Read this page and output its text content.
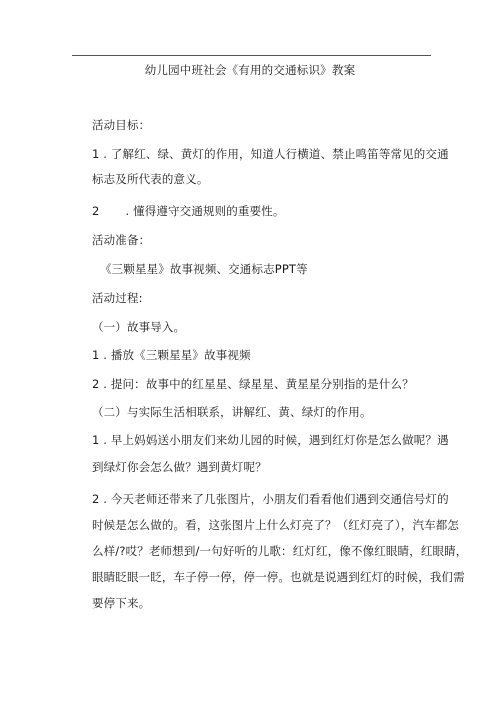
幼儿园中班社会《有用的交通标识》教案
活动目标：
1 . 了解红、绿、黄灯的作用，知道人行横道、禁止鸣笛等常见的交通
标志及所代表的意义。
2 . 懂得遵守交通规则的重要性。
活动准备：
《三颗星星》故事视频、交通标志PPT等
活动过程:
（一）故事导入。
1 . 播放《三颗星星》故事视频
2 . 提问：故事中的红星星、绿星星、黄星星分别指的是什么？
（二）与实际生活相联系，讲解红、黄、绿灯的作用。
1 . 早上妈妈送小朋友们来幼儿园的时候，遇到红灯你是怎么做呢？遇
到绿灯你会怎么做？遇到黄灯呢？
2 . 今天老师还带来了几张图片，小朋友们看看他们遇到交通信号灯的
时候是怎么做的。看，这张图片上什么灯亮了？（红灯亮了），汽车都怎
么样/?哎？老师想到/一句好听的儿歌：红灯红，像不像红眼睛，红眼睛，
眼睛眨眼一眨，车子停一停，停一停。也就是说遇到红灯的时候，我们需
要停下来。
